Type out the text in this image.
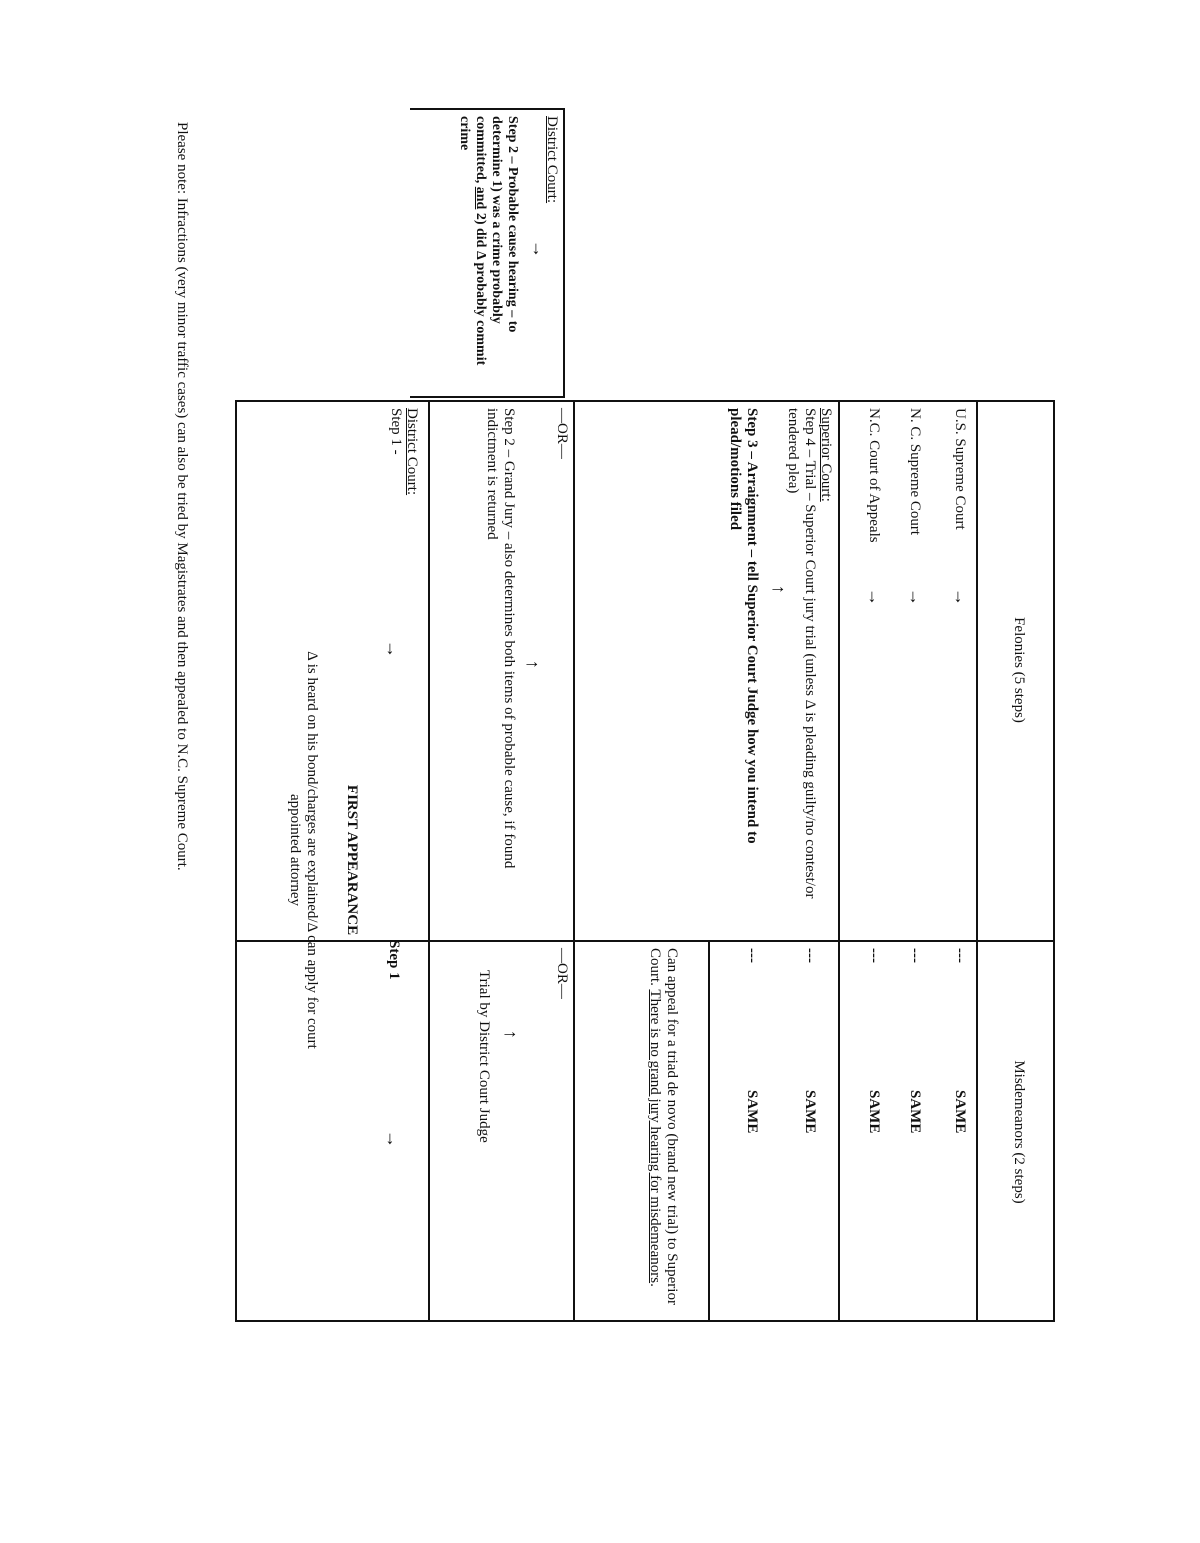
District Court:
→
Step 2 – Probable cause hearing – to determine 1) was a crime probably committed, and 2) did Δ probably commit crime
Felonies (5 steps)
Misdemeanors (2 steps)
U.S. Supreme Court
→
---
SAME
N. C. Supreme Court
→
---
SAME
N.C. Court of Appeals
→
---
SAME
Superior Court:
Step 4 – Trial – Superior Court jury trial (unless Δ is pleading guilty/no contest/or tendered plea)
↑
---
SAME
Step 3 – Arraignment – tell Superior Court Judge how you intend to plead/motions filed
---
SAME
Can appeal for a triad de novo (brand new trial) to Superior Court. There is no grand jury hearing for misdemeanors.
—OR—
—OR—
↑
Step 2 – Grand Jury – also determines both items of probable cause, if found indictment is returned
↑
Trial by District Court Judge
District Court:
Step 1 -
→
Step 1
→
FIRST APPEARANCE
Δ is heard on his bond/charges are explained/Δ can apply for court appointed attorney
Please note: Infractions (very minor traffic cases) can also be tried by Magistrates and then appealed to N.C. Supreme Court.
